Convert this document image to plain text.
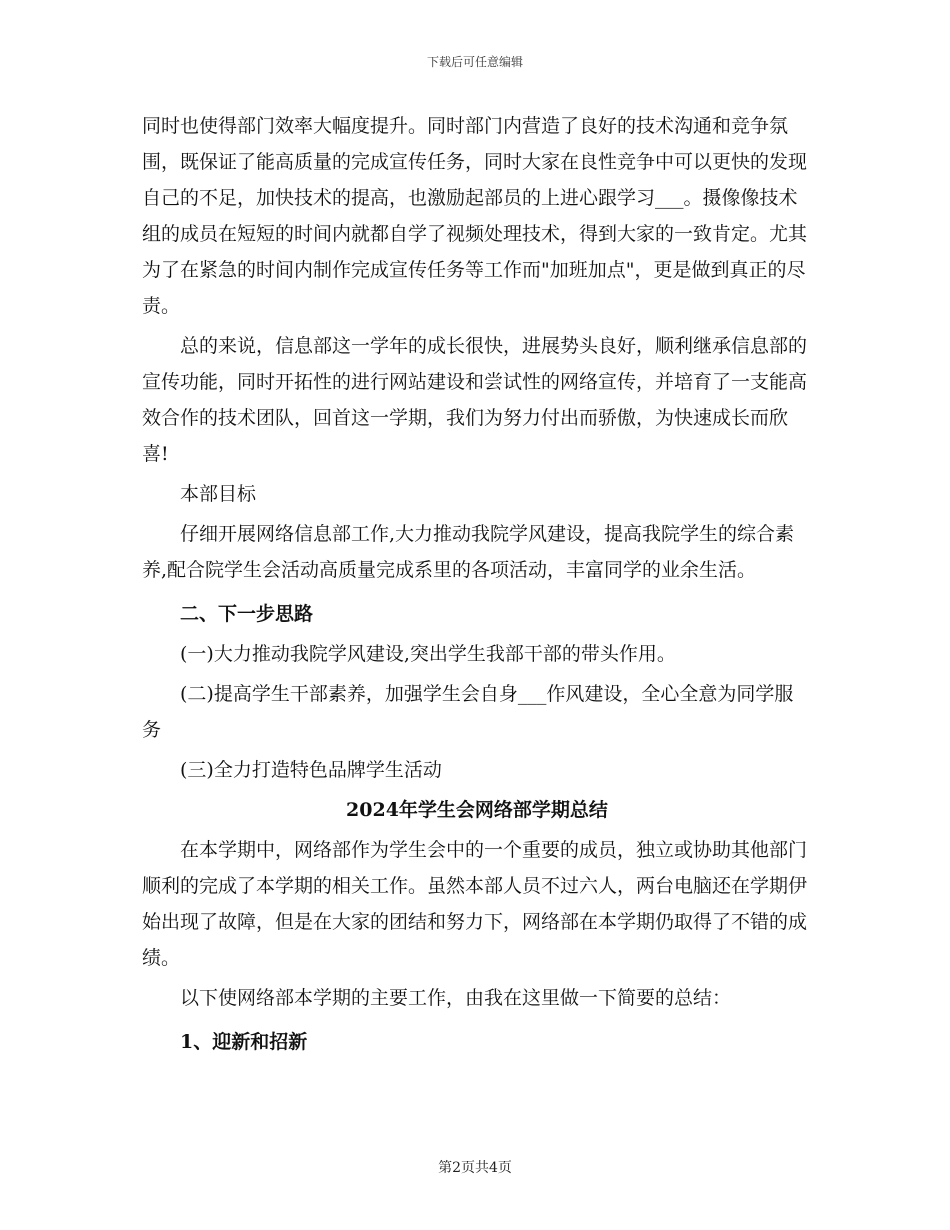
下载后可任意编辑

同时也使得部门效率大幅度提升。同时部门内营造了良好的技术沟通和竞争氛围，既保证了能高质量的完成宣传任务，同时大家在良性竞争中可以更快的发现自己的不足，加快技术的提高，也激励起部员的上进心跟学习___。摄像像技术组的成员在短短的时间内就都自学了视频处理技术，得到大家的一致肯定。尤其为了在紧急的时间内制作完成宣传任务等工作而"加班加点"，更是做到真正的尽责。

总的来说，信息部这一学年的成长很快，进展势头良好，顺利继承信息部的宣传功能，同时开拓性的进行网站建设和尝试性的网络宣传，并培育了一支能高效合作的技术团队，回首这一学期，我们为努力付出而骄傲，为快速成长而欣喜!

本部目标

仔细开展网络信息部工作,大力推动我院学风建设，提高我院学生的综合素养,配合院学生会活动高质量完成系里的各项活动，丰富同学的业余生活。

二、下一步思路

(一)大力推动我院学风建设,突出学生我部干部的带头作用。

(二)提高学生干部素养，加强学生会自身___作风建设，全心全意为同学服务

(三)全力打造特色品牌学生活动

2024年学生会网络部学期总结

在本学期中，网络部作为学生会中的一个重要的成员，独立或协助其他部门顺利的完成了本学期的相关工作。虽然本部人员不过六人，两台电脑还在学期伊始出现了故障，但是在大家的团结和努力下，网络部在本学期仍取得了不错的成绩。

以下使网络部本学期的主要工作，由我在这里做一下简要的总结：

1、迎新和招新

第2页共4页
